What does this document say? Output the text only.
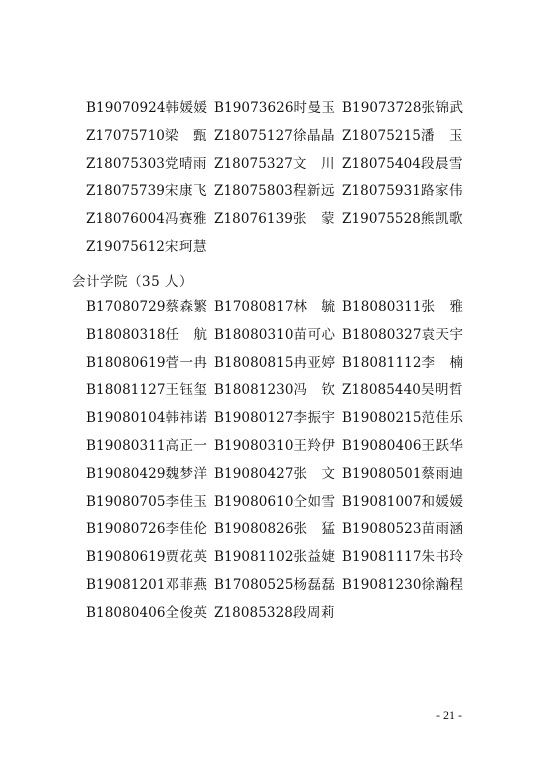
B19070924韩媛媛 B19073626时曼玉 B19073728张锦武
Z17075710梁　甄 Z18075127徐晶晶 Z18075215潘　玉
Z18075303党晴雨 Z18075327文　川 Z18075404段晨雪
Z18075739宋康飞 Z18075803程新远 Z18075931路家伟
Z18076004冯赛雅 Z18076139张　蒙 Z19075528熊凯歌
Z19075612宋珂慧
会计学院（35 人）
B17080729蔡森繁 B17080817林　毓 B18080311张　雅
B18080318任　航 B18080310苗可心 B18080327袁天宇
B18080619菅一冉 B18080815冉亚婷 B18081112李　楠
B18081127王钰玺 B18081230冯　钦 Z18085440吴明哲
B19080104韩祎诺 B19080127李振宇 B19080215范佳乐
B19080311高正一 B19080310王羚伊 B19080406王跃华
B19080429魏梦洋 B19080427张　文 B19080501蔡雨迪
B19080705李佳玉 B19080610仝如雪 B19081007和媛媛
B19080726李佳伦 B19080826张　猛 B19080523苗雨涵
B19080619贾花英 B19081102张益婕 B19081117朱书玲
B19081201邓菲燕 B17080525杨磊磊 B19081230徐瀚程
B18080406全俊英 Z18085328段周莉
- 21 -
